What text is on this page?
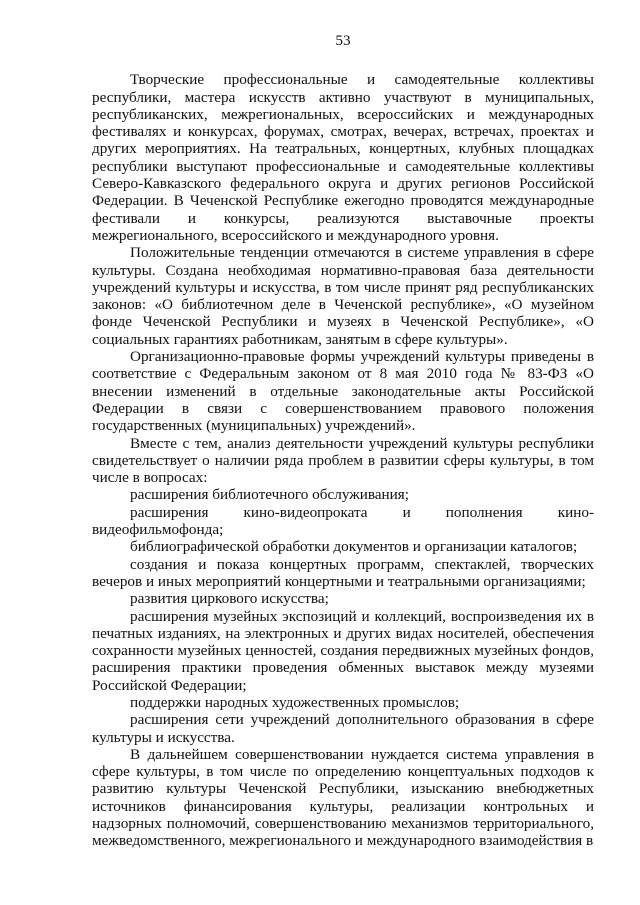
53

Творческие профессиональные и самодеятельные коллективы республики, мастера искусств активно участвуют в муниципальных, республиканских, межрегиональных, всероссийских и международных фестивалях и конкурсах, форумах, смотрах, вечерах, встречах, проектах и других мероприятиях. На театральных, концертных, клубных площадках республики выступают профессиональные и самодеятельные коллективы Северо-Кавказского федерального округа и других регионов Российской Федерации. В Чеченской Республике ежегодно проводятся международные фестивали и конкурсы, реализуются выставочные проекты межрегионального, всероссийского и международного уровня.

Положительные тенденции отмечаются в системе управления в сфере культуры. Создана необходимая нормативно-правовая база деятельности учреждений культуры и искусства, в том числе принят ряд республиканских законов: «О библиотечном деле в Чеченской республике», «О музейном фонде Чеченской Республики и музеях в Чеченской Республике», «О социальных гарантиях работникам, занятым в сфере культуры».

Организационно-правовые формы учреждений культуры приведены в соответствие с Федеральным законом от 8 мая 2010 года № 83-ФЗ «О внесении изменений в отдельные законодательные акты Российской Федерации в связи с совершенствованием правового положения государственных (муниципальных) учреждений».

Вместе с тем, анализ деятельности учреждений культуры республики свидетельствует о наличии ряда проблем в развитии сферы культуры, в том числе в вопросах:

расширения библиотечного обслуживания;

расширения кино-видеопроката и пополнения кино-видеофильмофонда;

библиографической обработки документов и организации каталогов;

создания и показа концертных программ, спектаклей, творческих вечеров и иных мероприятий концертными и театральными организациями;

развития циркового искусства;

расширения музейных экспозиций и коллекций, воспроизведения их в печатных изданиях, на электронных и других видах носителей, обеспечения сохранности музейных ценностей, создания передвижных музейных фондов, расширения практики проведения обменных выставок между музеями Российской Федерации;

поддержки народных художественных промыслов;

расширения сети учреждений дополнительного образования в сфере культуры и искусства.

В дальнейшем совершенствовании нуждается система управления в сфере культуры, в том числе по определению концептуальных подходов к развитию культуры Чеченской Республики, изысканию внебюджетных источников финансирования культуры, реализации контрольных и надзорных полномочий, совершенствованию механизмов территориального, межведомственного, межрегионального и международного взаимодействия в
